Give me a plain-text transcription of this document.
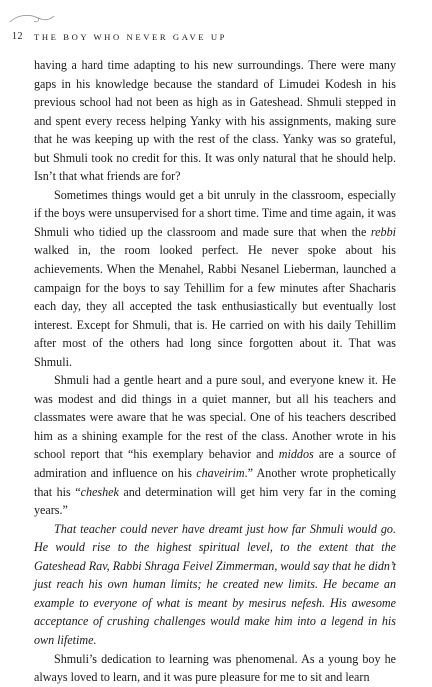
12 THE BOY WHO NEVER GAVE UP

having a hard time adapting to his new surroundings. There were many gaps in his knowledge because the standard of Limudei Kodesh in his previous school had not been as high as in Gateshead. Shmuli stepped in and spent every recess helping Yanky with his assignments, making sure that he was keeping up with the rest of the class. Yanky was so grateful, but Shmuli took no credit for this. It was only natural that he should help. Isn’t that what friends are for?

Sometimes things would get a bit unruly in the classroom, especially if the boys were unsupervised for a short time. Time and time again, it was Shmuli who tidied up the classroom and made sure that when the rebbi walked in, the room looked perfect. He never spoke about his achievements. When the Menahel, Rabbi Nesanel Lieberman, launched a campaign for the boys to say Tehillim for a few minutes after Shacharis each day, they all accepted the task enthusiastically but eventually lost interest. Except for Shmuli, that is. He carried on with his daily Tehillim after most of the others had long since forgotten about it. That was Shmuli.

Shmuli had a gentle heart and a pure soul, and everyone knew it. He was modest and did things in a quiet manner, but all his teachers and classmates were aware that he was special. One of his teachers described him as a shining example for the rest of the class. Another wrote in his school report that “his exemplary behavior and middos are a source of admiration and influence on his chaveirim.” Another wrote prophetically that his “cheshek and determination will get him very far in the coming years.”

That teacher could never have dreamt just how far Shmuli would go. He would rise to the highest spiritual level, to the extent that the Gateshead Rav, Rabbi Shraga Feivel Zimmerman, would say that he didn’t just reach his own human limits; he created new limits. He became an example to everyone of what is meant by mesirus nefesh. His awesome acceptance of crushing challenges would make him into a legend in his own lifetime.

Shmuli’s dedication to learning was phenomenal. As a young boy he always loved to learn, and it was pure pleasure for me to sit and learn
